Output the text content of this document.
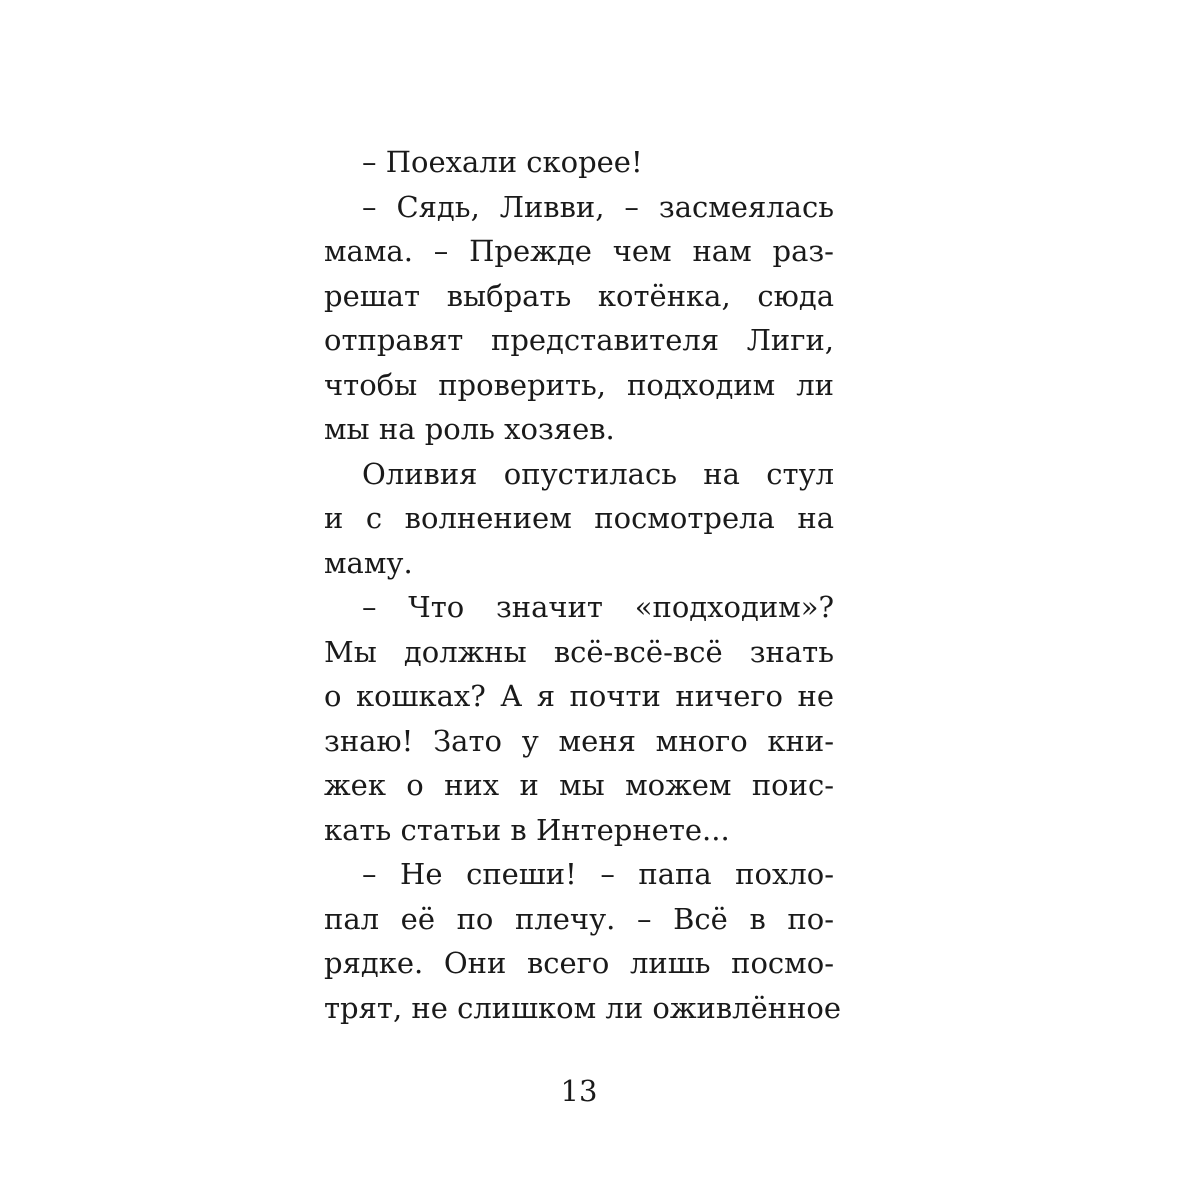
– Поехали скорее!
– Сядь, Ливви, – засмеялась
мама. – Прежде чем нам раз-
решат выбрать котёнка, сюда
отправят представителя Лиги,
чтобы проверить, подходим ли
мы на роль хозяев.
Оливия опустилась на стул
и с волнением посмотрела на
маму.
– Что значит «подходим»?
Мы должны всё-всё-всё знать
о кошках? А я почти ничего не
знаю! Зато у меня много кни-
жек о них и мы можем поис-
кать статьи в Интернете...
– Не спеши! – папа похло-
пал её по плечу. – Всё в по-
рядке. Они всего лишь посмо-
трят, не слишком ли оживлённое
13
